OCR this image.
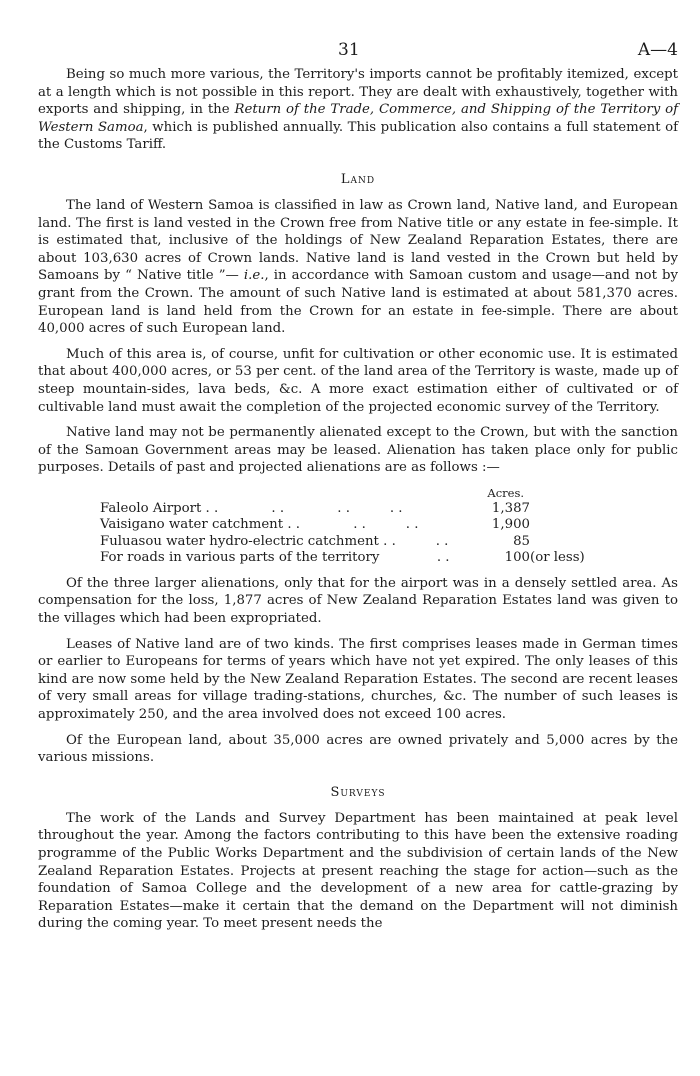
31	A—4

Being so much more various, the Territory's imports cannot be profitably itemized, except at a length which is not possible in this report. They are dealt with exhaustively, together with exports and shipping, in the Return of the Trade, Commerce, and Shipping of the Territory of Western Samoa, which is published annually. This publication also contains a full statement of the Customs Tariff.

Land

The land of Western Samoa is classified in law as Crown land, Native land, and European land. The first is land vested in the Crown free from Native title or any estate in fee-simple. It is estimated that, inclusive of the holdings of New Zealand Reparation Estates, there are about 103,630 acres of Crown lands. Native land is land vested in the Crown but held by Samoans by “ Native title ”— i.e., in accordance with Samoan custom and usage—and not by grant from the Crown. The amount of such Native land is estimated at about 581,370 acres. European land is land held from the Crown for an estate in fee-simple. There are about 40,000 acres of such European land.

Much of this area is, of course, unfit for cultivation or other economic use. It is estimated that about 400,000 acres, or 53 per cent. of the land area of the Territory is waste, made up of steep mountain-sides, lava beds, &c. A more exact estimation either of cultivated or of cultivable land must await the completion of the projected economic survey of the Territory.

Native land may not be permanently alienated except to the Crown, but with the sanction of the Samoan Government areas may be leased. Alienation has taken place only for public purposes. Details of past and projected alienations are as follows :—

	Acres.	
Faleolo Airport . .    . .    . .   . .	1,387	
Vaisigano water catchment . .    . .   . .	1,900	
Fuluasou water hydro-electric catchment . .   . .	85	
For roads in various parts of the territory     . .	100	(or less)

Of the three larger alienations, only that for the airport was in a densely settled area. As compensation for the loss, 1,877 acres of New Zealand Reparation Estates land was given to the villages which had been expropriated.

Leases of Native land are of two kinds. The first comprises leases made in German times or earlier to Europeans for terms of years which have not yet expired. The only leases of this kind are now some held by the New Zealand Reparation Estates. The second are recent leases of very small areas for village trading-stations, churches, &c. The number of such leases is approximately 250, and the area involved does not exceed 100 acres.

Of the European land, about 35,000 acres are owned privately and 5,000 acres by the various missions.

Surveys

The work of the Lands and Survey Department has been maintained at peak level throughout the year. Among the factors contributing to this have been the extensive roading programme of the Public Works Department and the subdivision of certain lands of the New Zealand Reparation Estates. Projects at present reaching the stage for action—such as the foundation of Samoa College and the development of a new area for cattle-grazing by Reparation Estates—make it certain that the demand on the Department will not diminish during the coming year. To meet present needs the
